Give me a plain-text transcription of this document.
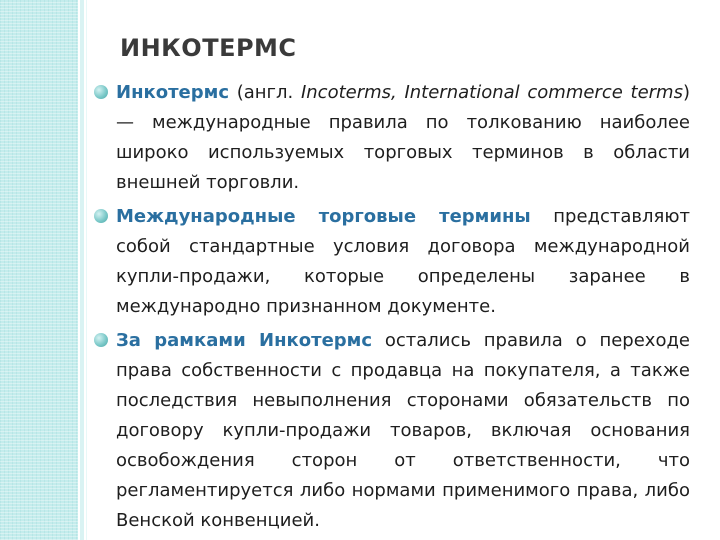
ИНКОТЕРМС

Инкотермс (англ. Incoterms, International commerce terms) — международные правила по толкованию наиболее широко используемых торговых терминов в области внешней торговли.

Международные торговые термины представляют собой стандартные условия договора международной купли-продажи, которые определены заранее в международно признанном документе.

За рамками Инкотермс остались правила о переходе права собственности с продавца на покупателя, а также последствия невыполнения сторонами обязательств по договору купли-продажи товаров, включая основания освобождения сторон от ответственности, что регламентируется либо нормами применимого права, либо Венской конвенцией.
